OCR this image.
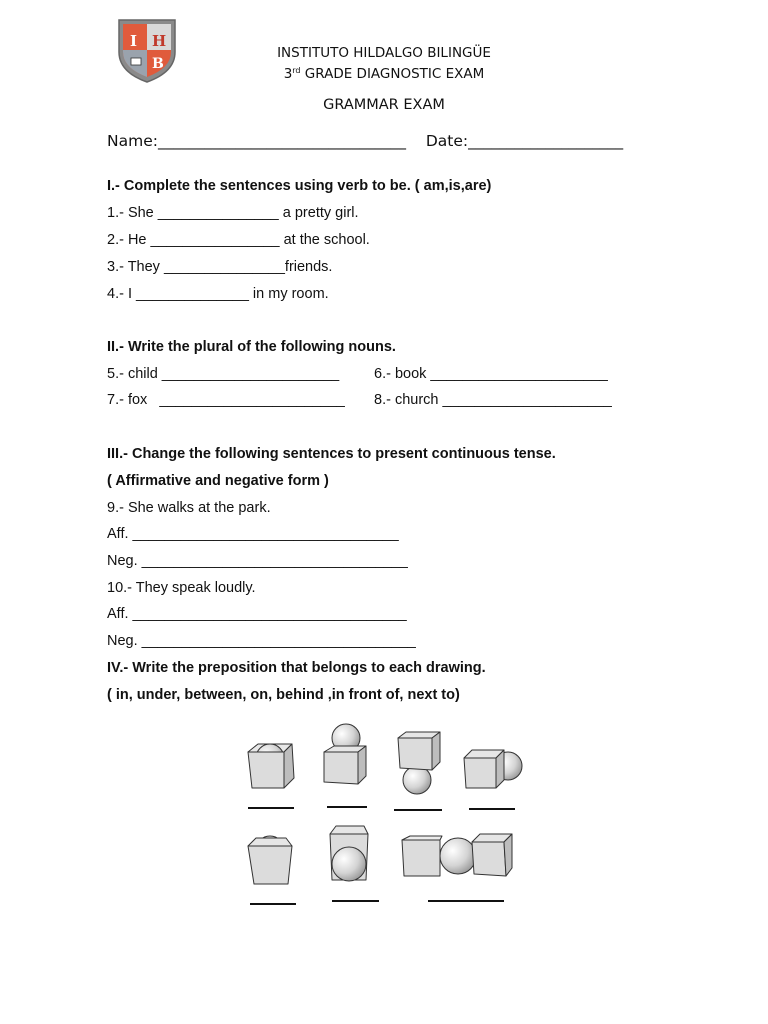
I H
B
INSTITUTO HILDALGO BILINGÜE
3rd GRADE DIAGNOSTIC EXAM
GRAMMAR EXAM
Name:________________________________ Date:____________________
I.- Complete the sentences using verb to be. ( am,is,are)
1.- She _______________ a pretty girl.
2.- He ________________ at the school.
3.- They _______________friends.
4.- I ______________ in my room.
II.- Write the plural of the following nouns.
5.- child ______________________ 6.- book ______________________
7.- fox   _______________________ 8.- church _____________________
III.- Change the following sentences to present continuous tense.
( Affirmative and negative form )
9.- She walks at the park.
Aff. _________________________________
Neg. _________________________________
10.- They speak loudly.
Aff. __________________________________
Neg. __________________________________
IV.- Write the preposition that belongs to each drawing.
( in, under, between, on, behind ,in front of, next to)
